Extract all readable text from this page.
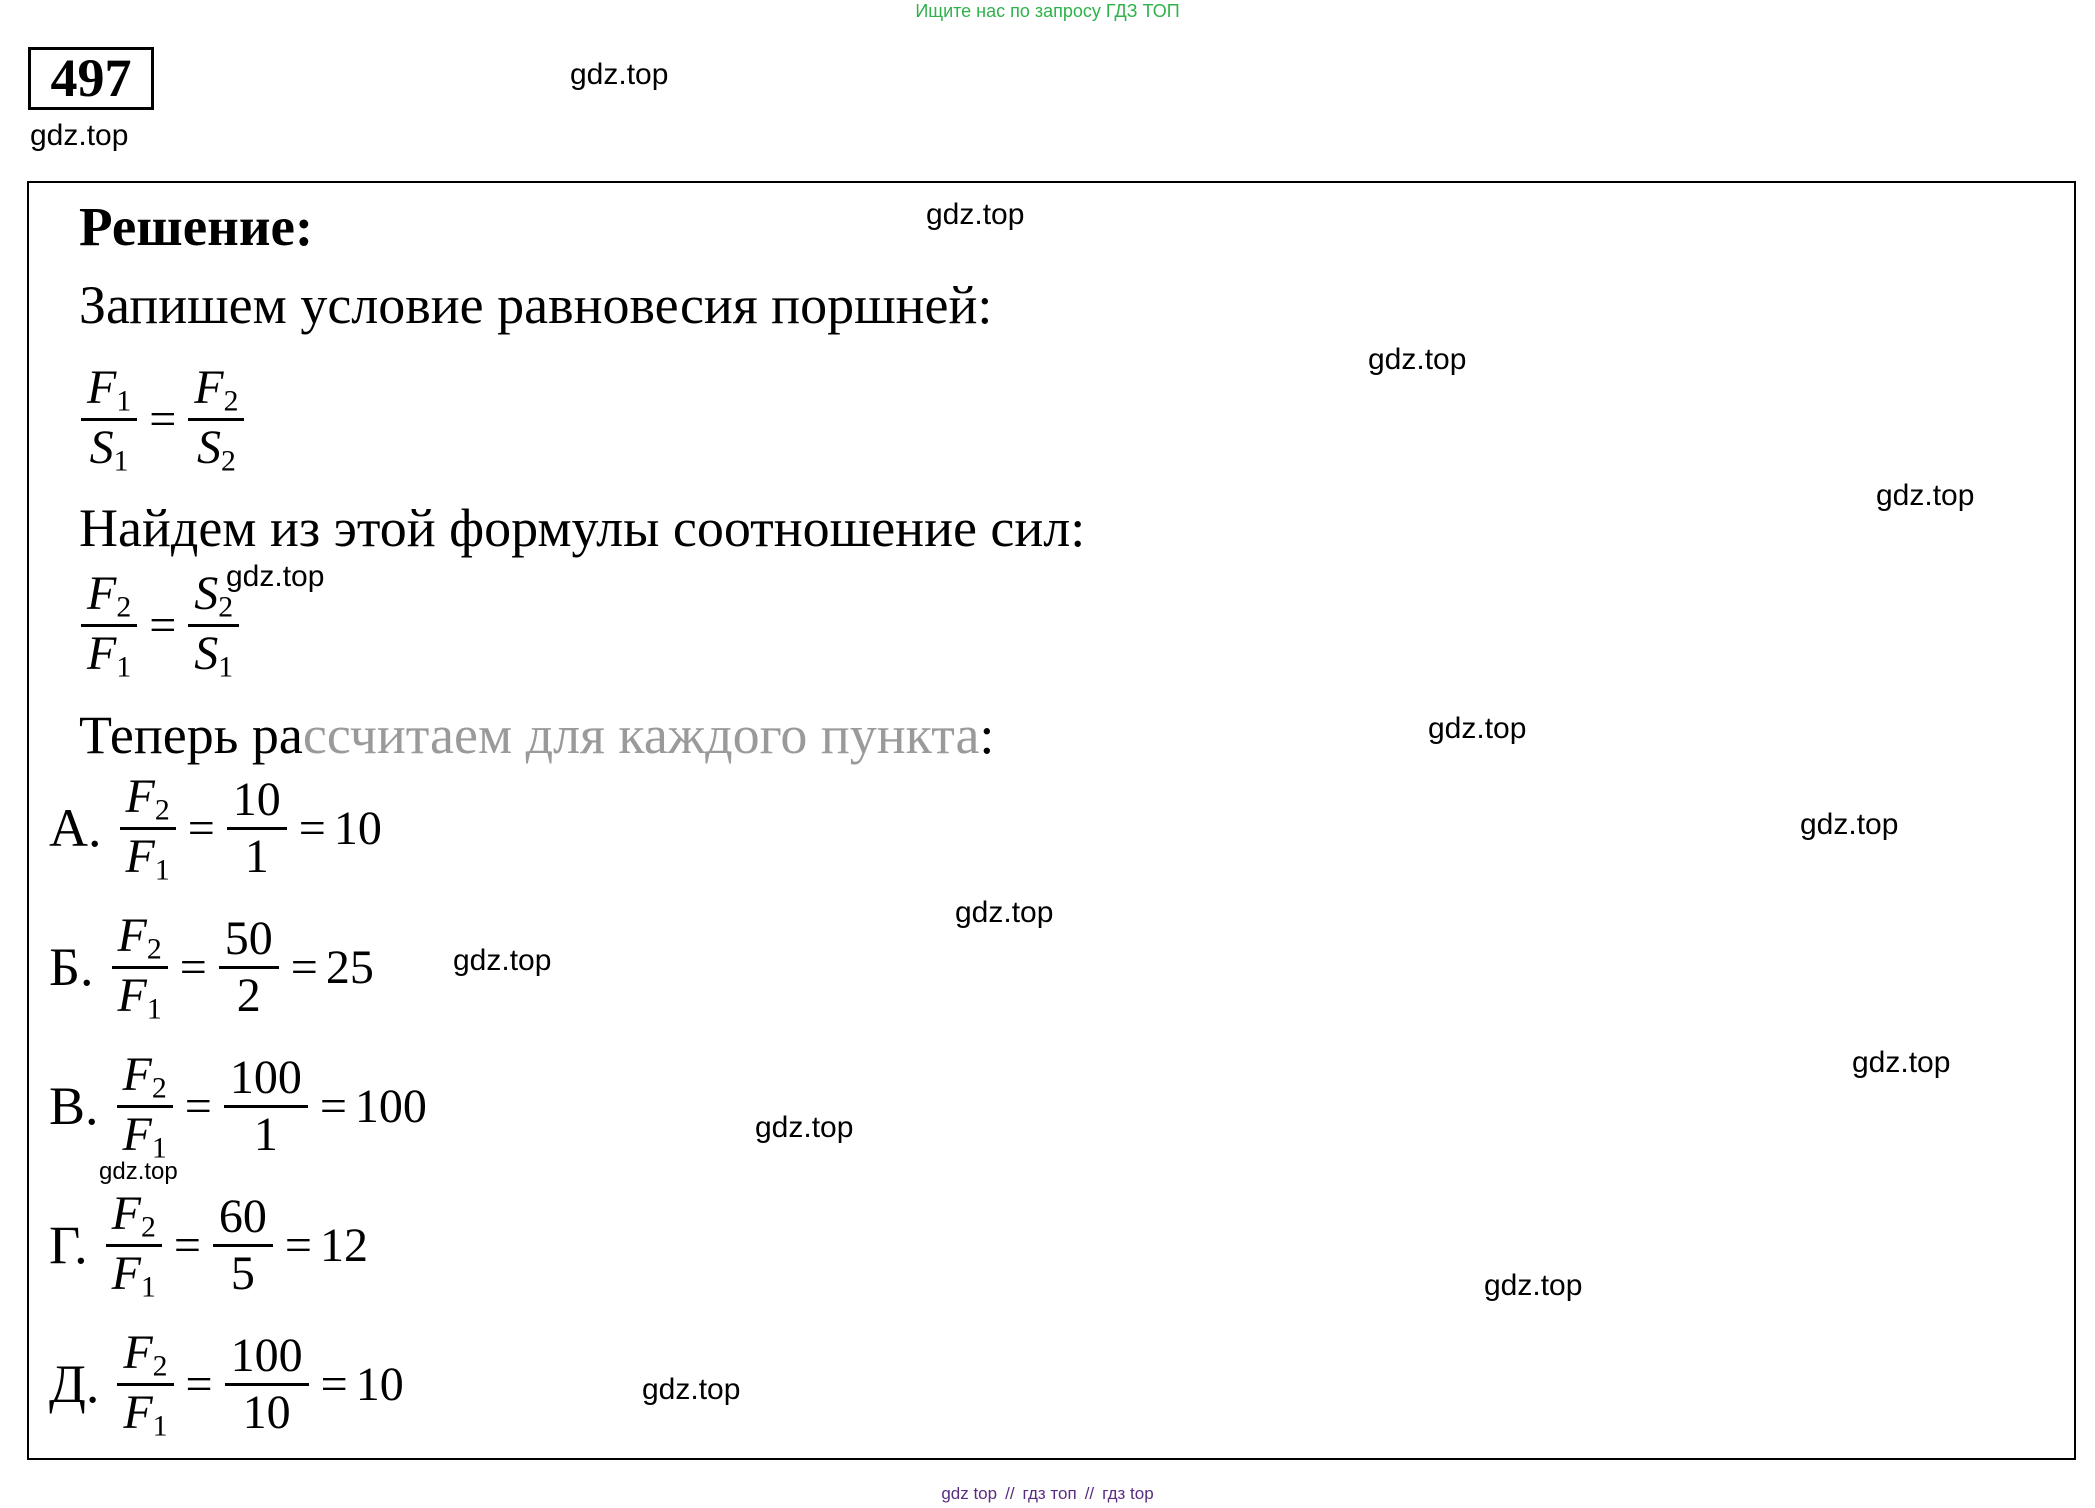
Ищите нас по запросу ГДЗ ТОП
497	gdz.top
gdz.top
Решение:
Запишем условие равновесия поршней:
$\frac{F_1}{S_1} = \frac{F_2}{S_2}$
Найдем из этой формулы соотношение сил:
$\frac{F_2}{F_1} = \frac{S_2}{S_1}$
Теперь рассчитаем для каждого пункта:
А. $\frac{F_2}{F_1} = \frac{10}{1} = 10$
Б. $\frac{F_2}{F_1} = \frac{50}{2} = 25$
В. $\frac{F_2}{F_1} = \frac{100}{1} = 100$
Г. $\frac{F_2}{F_1} = \frac{60}{5} = 12$
Д. $\frac{F_2}{F_1} = \frac{100}{10} = 10$
gdz.top
gdz.top
gdz.top
gdz.top
gdz.top
gdz.top
gdz.top
gdz.top
gdz.top
gdz.top
gdz.top
gdz.top
gdz.top
gdz top // гдз топ // гдз top
